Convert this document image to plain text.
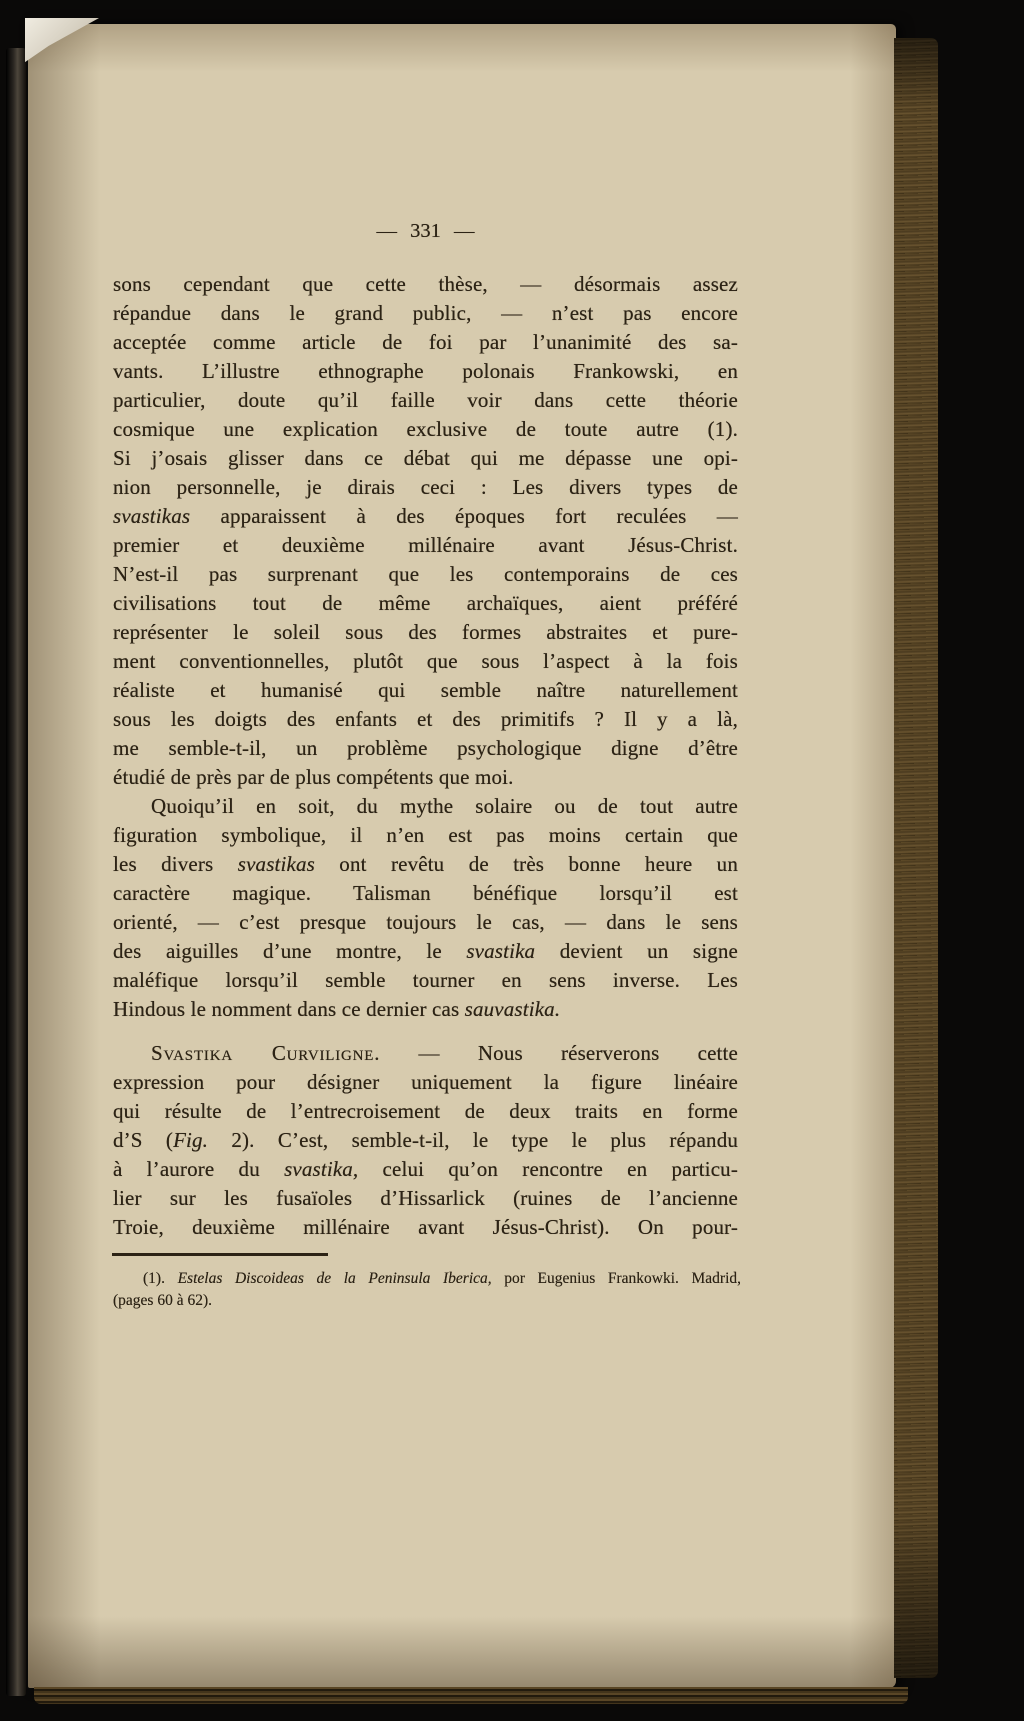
— 331 —
sons cependant que cette thèse, — désormais assez
répandue dans le grand public, — n’est pas encore
acceptée comme article de foi par l’unanimité des sa-
vants. L’illustre ethnographe polonais Frankowski, en
particulier, doute qu’il faille voir dans cette théorie
cosmique une explication exclusive de toute autre (1).
Si j’osais glisser dans ce débat qui me dépasse une opi-
nion personnelle, je dirais ceci : Les divers types de
svastikas apparaissent à des époques fort reculées —
premier et deuxième millénaire avant Jésus-Christ.
N’est-il pas surprenant que les contemporains de ces
civilisations tout de même archaïques, aient préféré
représenter le soleil sous des formes abstraites et pure-
ment conventionnelles, plutôt que sous l’aspect à la fois
réaliste et humanisé qui semble naître naturellement
sous les doigts des enfants et des primitifs ? Il y a là,
me semble-t-il, un problème psychologique digne d’être
étudié de près par de plus compétents que moi.
Quoiqu’il en soit, du mythe solaire ou de tout autre
figuration symbolique, il n’en est pas moins certain que
les divers svastikas ont revêtu de très bonne heure un
caractère magique. Talisman bénéfique lorsqu’il est
orienté, — c’est presque toujours le cas, — dans le sens
des aiguilles d’une montre, le svastika devient un signe
maléfique lorsqu’il semble tourner en sens inverse. Les
Hindous le nomment dans ce dernier cas sauvastika.
Svastika Curviligne. — Nous réserverons cette
expression pour désigner uniquement la figure linéaire
qui résulte de l’entrecroisement de deux traits en forme
d’S (Fig. 2). C’est, semble-t-il, le type le plus répandu
à l’aurore du svastika, celui qu’on rencontre en particu-
lier sur les fusaïoles d’Hissarlick (ruines de l’ancienne
Troie, deuxième millénaire avant Jésus-Christ). On pour-
(1). Estelas Discoideas de la Peninsula Iberica, por Eugenius Frankowki. Madrid,
(pages 60 à 62).
